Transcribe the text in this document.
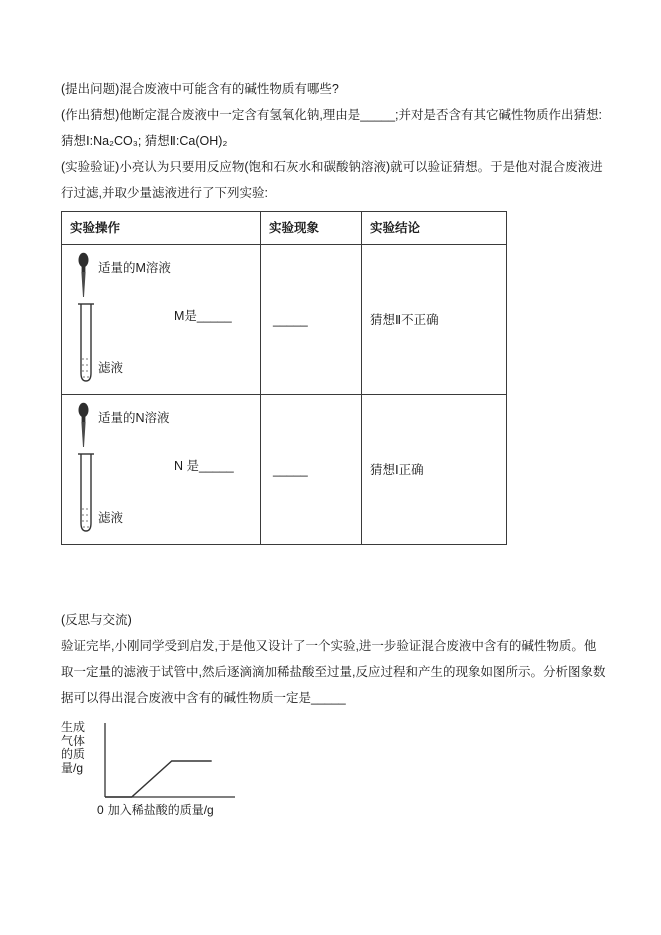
(提出问题)混合废液中可能含有的碱性物质有哪些?

(作出猜想)他断定混合废液中一定含有氢氧化钠,理由是_____;并对是否含有其它碱性物质作出猜想:

猜想Ⅰ:Na₂CO₃; 猜想Ⅱ:Ca(OH)₂

(实验验证)小亮认为只要用反应物(饱和石灰水和碳酸钠溶液)就可以验证猜想。于是他对混合废液进行过滤,并取少量滤液进行了下列实验:

实验操作	实验现象	实验结论

适量的M溶液
滤液
M是_____	_____	猜想Ⅱ不正确

适量的N溶液
滤液
N 是_____	_____	猜想Ⅰ正确

(反思与交流)

验证完毕,小刚同学受到启发,于是他又设计了一个实验,进一步验证混合废液中含有的碱性物质。他取一定量的滤液于试管中,然后逐滴滴加稀盐酸至过量,反应过程和产生的现象如图所示。分析图象数据可以得出混合废液中含有的碱性物质一定是_____

生成气体的质量/g
0 加入稀盐酸的质量/g
